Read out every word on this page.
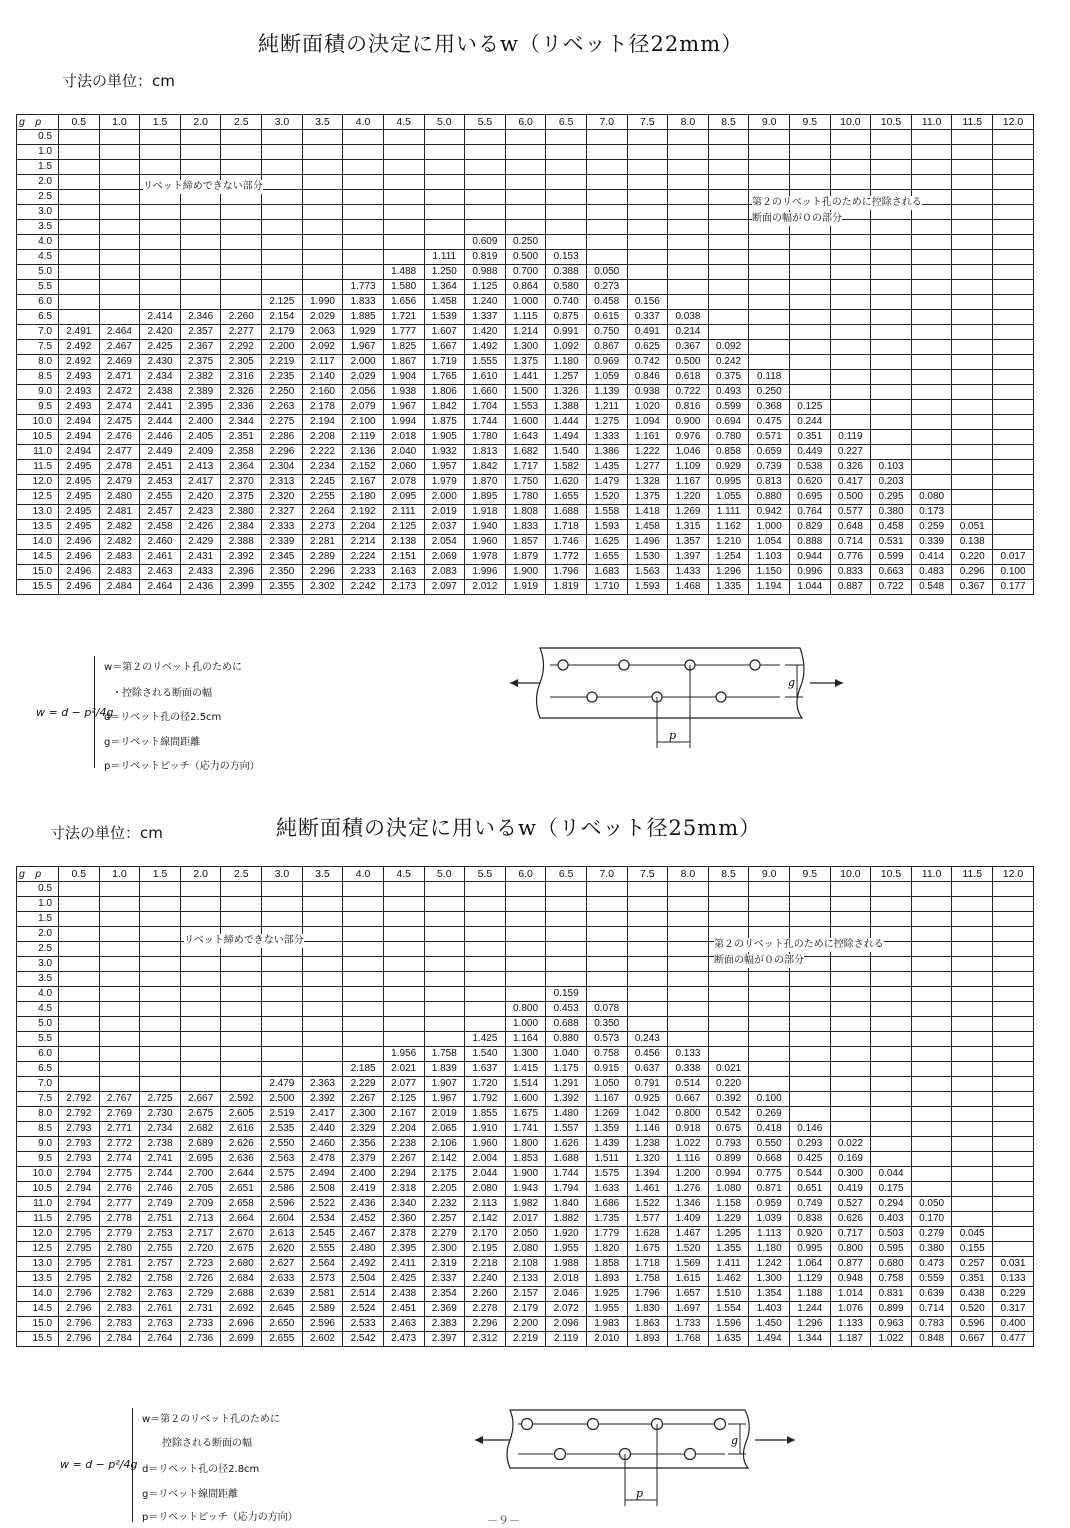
純断面積の決定に用いるw（リベット径22mm）
寸法の単位：cm
g　p	0.5	1.0	1.5	2.0	2.5	3.0	3.5	4.0	4.5	5.0	5.5	6.0	6.5	7.0	7.5	8.0	8.5	9.0	9.5	10.0	10.5	11.0	11.5	12.0
0.5																								
1.0																								
1.5																								
2.0																								
2.5																								
3.0																								
3.5																								
4.0											0.609	0.250												
4.5										1.111	0.819	0.500	0.153											
5.0									1.488	1.250	0.988	0.700	0.388	0.050										
5.5								1.773	1.580	1.364	1.125	0.864	0.580	0.273										
6.0						2.125	1.990	1.833	1.656	1.458	1.240	1.000	0.740	0.458	0.156									
6.5			2.414	2.346	2.260	2.154	2.029	1.885	1.721	1.539	1.337	1.115	0.875	0.615	0.337	0.038								
7.0	2.491	2.464	2.420	2.357	2.277	2.179	2.063	1.929	1.777	1.607	1.420	1.214	0.991	0.750	0.491	0.214								
7.5	2.492	2.467	2.425	2.367	2.292	2.200	2.092	1.967	1.825	1.667	1.492	1.300	1.092	0.867	0.625	0.367	0.092							
8.0	2.492	2.469	2.430	2.375	2.305	2.219	2.117	2.000	1.867	1.719	1.555	1.375	1.180	0.969	0.742	0.500	0.242							
8.5	2.493	2.471	2.434	2.382	2.316	2.235	2.140	2.029	1.904	1.765	1.610	1.441	1.257	1.059	0.846	0.618	0.375	0.118						
9.0	2.493	2.472	2.438	2.389	2.326	2.250	2.160	2.056	1.938	1.806	1.660	1.500	1.326	1.139	0.938	0.722	0.493	0.250						
9.5	2.493	2.474	2.441	2.395	2.336	2.263	2.178	2.079	1.967	1.842	1.704	1.553	1.388	1.211	1.020	0.816	0.599	0.368	0.125					
10.0	2.494	2.475	2.444	2.400	2.344	2.275	2.194	2.100	1.994	1.875	1.744	1.600	1.444	1.275	1.094	0.900	0.694	0.475	0.244					
10.5	2.494	2.476	2.446	2.405	2.351	2.286	2.208	2.119	2.018	1.905	1.780	1.643	1.494	1.333	1.161	0.976	0.780	0.571	0.351	0.119				
11.0	2.494	2.477	2.449	2.409	2.358	2.296	2.222	2.136	2.040	1.932	1.813	1.682	1.540	1.386	1.222	1.046	0.858	0.659	0.449	0.227				
11.5	2.495	2.478	2.451	2.413	2.364	2.304	2.234	2.152	2.060	1.957	1.842	1.717	1.582	1.435	1.277	1.109	0.929	0.739	0.538	0.326	0.103			
12.0	2.495	2.479	2.453	2.417	2.370	2.313	2.245	2.167	2.078	1.979	1.870	1.750	1.620	1.479	1.328	1.167	0.995	0.813	0.620	0.417	0.203			
12.5	2.495	2.480	2.455	2.420	2.375	2.320	2.255	2.180	2.095	2.000	1.895	1.780	1.655	1.520	1.375	1.220	1.055	0.880	0.695	0.500	0.295	0.080		
13.0	2.495	2.481	2.457	2.423	2.380	2.327	2.264	2.192	2.111	2.019	1.918	1.808	1.688	1.558	1.418	1.269	1.111	0.942	0.764	0.577	0.380	0.173		
13.5	2.495	2.482	2.458	2.426	2.384	2.333	2.273	2.204	2.125	2.037	1.940	1.833	1.718	1.593	1.458	1.315	1.162	1.000	0.829	0.648	0.458	0.259	0.051	
14.0	2.496	2.482	2.460	2.429	2.388	2.339	2.281	2.214	2.138	2.054	1.960	1.857	1.746	1.625	1.496	1.357	1.210	1.054	0.888	0.714	0.531	0.339	0.138	
14.5	2.496	2.483	2.461	2.431	2.392	2.345	2.289	2.224	2.151	2.069	1.978	1.879	1.772	1.655	1.530	1.397	1.254	1.103	0.944	0.776	0.599	0.414	0.220	0.017
15.0	2.496	2.483	2.463	2.433	2.396	2.350	2.296	2.233	2.163	2.083	1.996	1.900	1.796	1.683	1.563	1.433	1.296	1.150	0.996	0.833	0.663	0.483	0.296	0.100
15.5	2.496	2.484	2.464	2.436	2.399	2.355	2.302	2.242	2.173	2.097	2.012	1.919	1.819	1.710	1.593	1.468	1.335	1.194	1.044	0.887	0.722	0.548	0.367	0.177
リベット締めできない部分
第２のリベット孔のために控除される
断面の幅が０の部分
w = d − p²/4g
w＝第２のリベット孔のために
・控除される断面の幅
d＝リベット孔の径2.5cm
g＝リベット線間距離
p＝リベットピッチ（応力の方向）
p
g
純断面積の決定に用いるw（リベット径25mm）
寸法の単位：cm
g　p	0.5	1.0	1.5	2.0	2.5	3.0	3.5	4.0	4.5	5.0	5.5	6.0	6.5	7.0	7.5	8.0	8.5	9.0	9.5	10.0	10.5	11.0	11.5	12.0
0.5																								
1.0																								
1.5																								
2.0																								
2.5																								
3.0																								
3.5																								
4.0													0.159											
4.5												0.800	0.453	0.078										
5.0												1.000	0.688	0.350										
5.5											1.425	1.164	0.880	0.573	0.243									
6.0									1.956	1.758	1.540	1.300	1.040	0.758	0.456	0.133								
6.5								2.185	2.021	1.839	1.637	1.415	1.175	0.915	0.637	0.338	0.021							
7.0						2.479	2.363	2.229	2.077	1.907	1.720	1.514	1.291	1.050	0.791	0.514	0.220							
7.5	2.792	2.767	2.725	2.667	2.592	2.500	2.392	2.267	2.125	1.967	1.792	1.600	1.392	1.167	0.925	0.667	0.392	0.100						
8.0	2.792	2.769	2.730	2.675	2.605	2.519	2.417	2.300	2.167	2.019	1.855	1.675	1.480	1.269	1.042	0.800	0.542	0.269						
8.5	2.793	2.771	2.734	2.682	2.616	2.535	2.440	2.329	2.204	2.065	1.910	1.741	1.557	1.359	1.146	0.918	0.675	0.418	0.146					
9.0	2.793	2.772	2.738	2.689	2.626	2.550	2.460	2.356	2.238	2.106	1.960	1.800	1.626	1.439	1.238	1.022	0.793	0.550	0.293	0.022				
9.5	2.793	2.774	2.741	2.695	2.636	2.563	2.478	2.379	2.267	2.142	2.004	1.853	1.688	1.511	1.320	1.116	0.899	0.668	0.425	0.169				
10.0	2.794	2.775	2.744	2.700	2.644	2.575	2.494	2.400	2.294	2.175	2.044	1.900	1.744	1.575	1.394	1.200	0.994	0.775	0.544	0.300	0.044			
10.5	2.794	2.776	2.746	2.705	2.651	2.586	2.508	2.419	2.318	2.205	2.080	1.943	1.794	1.633	1.461	1.276	1.080	0.871	0.651	0.419	0.175			
11.0	2.794	2.777	2.749	2.709	2.658	2.596	2.522	2.436	2.340	2.232	2.113	1.982	1.840	1.686	1.522	1.346	1.158	0.959	0.749	0.527	0.294	0.050		
11.5	2.795	2.778	2.751	2.713	2.664	2.604	2.534	2.452	2.360	2.257	2.142	2.017	1.882	1.735	1.577	1.409	1.229	1.039	0.838	0.626	0.403	0.170		
12.0	2.795	2.779	2.753	2.717	2.670	2.613	2.545	2.467	2.378	2.279	2.170	2.050	1.920	1.779	1.628	1.467	1.295	1.113	0.920	0.717	0.503	0.279	0.045	
12.5	2.795	2.780	2.755	2.720	2.675	2.620	2.555	2.480	2.395	2.300	2.195	2.080	1.955	1.820	1.675	1.520	1.355	1.180	0.995	0.800	0.595	0.380	0.155	
13.0	2.795	2.781	2.757	2.723	2.680	2.627	2.564	2.492	2.411	2.319	2.218	2.108	1.988	1.858	1.718	1.569	1.411	1.242	1.064	0.877	0.680	0.473	0.257	0.031
13.5	2.795	2.782	2.758	2.726	2.684	2.633	2.573	2.504	2.425	2.337	2.240	2.133	2.018	1.893	1.758	1.615	1.462	1.300	1.129	0.948	0.758	0.559	0.351	0.133
14.0	2.796	2.782	2.763	2.729	2.688	2.639	2.581	2.514	2.438	2.354	2.260	2.157	2.046	1.925	1.796	1.657	1.510	1.354	1.188	1.014	0.831	0.639	0.438	0.229
14.5	2.796	2.783	2.761	2.731	2.692	2.645	2.589	2.524	2.451	2.369	2.278	2.179	2.072	1.955	1.830	1.697	1.554	1.403	1.244	1.076	0.899	0.714	0.520	0.317
15.0	2.796	2.783	2.763	2.733	2.696	2.650	2.596	2.533	2.463	2.383	2.296	2.200	2.096	1.983	1.863	1.733	1.596	1.450	1.296	1.133	0.963	0.783	0.596	0.400
15.5	2.796	2.784	2.764	2.736	2.699	2.655	2.602	2.542	2.473	2.397	2.312	2.219	2.119	2.010	1.893	1.768	1.635	1.494	1.344	1.187	1.022	0.848	0.667	0.477
リベット締めできない部分	第２のリベット孔のために控除される
断面の幅が０の部分
w = d − p²/4g
w＝第２のリベット孔のために
控除される断面の幅
d＝リベット孔の径2.8cm
g＝リベット線間距離
p＝リベットピッチ（応力の方向）
p
g
－９－
